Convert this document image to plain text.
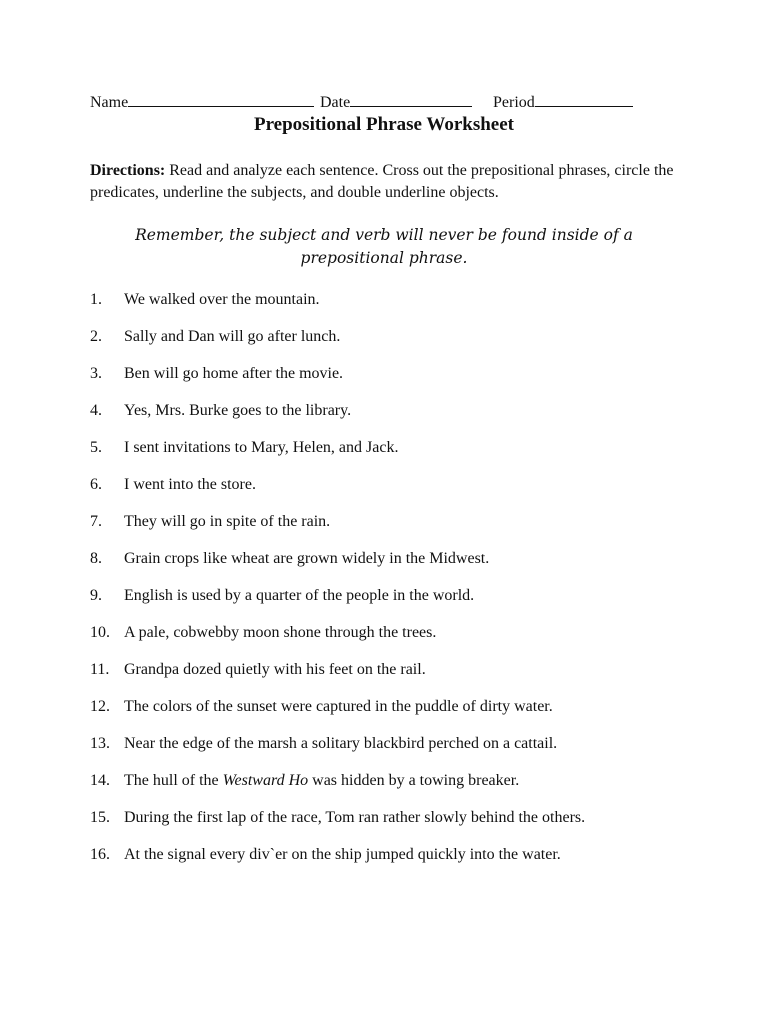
Name	Date	Period
Prepositional Phrase Worksheet
Directions: Read and analyze each sentence. Cross out the prepositional phrases, circle the predicates, underline the subjects, and double underline objects.
Remember, the subject and verb will never be found inside of a prepositional phrase.
1.	We walked over the mountain.
2.	Sally and Dan will go after lunch.
3.	Ben will go home after the movie.
4.	Yes, Mrs. Burke goes to the library.
5.	I sent invitations to Mary, Helen, and Jack.
6.	I went into the store.
7.	They will go in spite of the rain.
8.	Grain crops like wheat are grown widely in the Midwest.
9.	English is used by a quarter of the people in the world.
10. A pale, cobwebby moon shone through the trees.
11. Grandpa dozed quietly with his feet on the rail.
12. The colors of the sunset were captured in the puddle of dirty water.
13. Near the edge of the marsh a solitary blackbird perched on a cattail.
14. The hull of the Westward Ho was hidden by a towing breaker.
15. During the first lap of the race, Tom ran rather slowly behind the others.
16. At the signal every div`er on the ship jumped quickly into the water.
